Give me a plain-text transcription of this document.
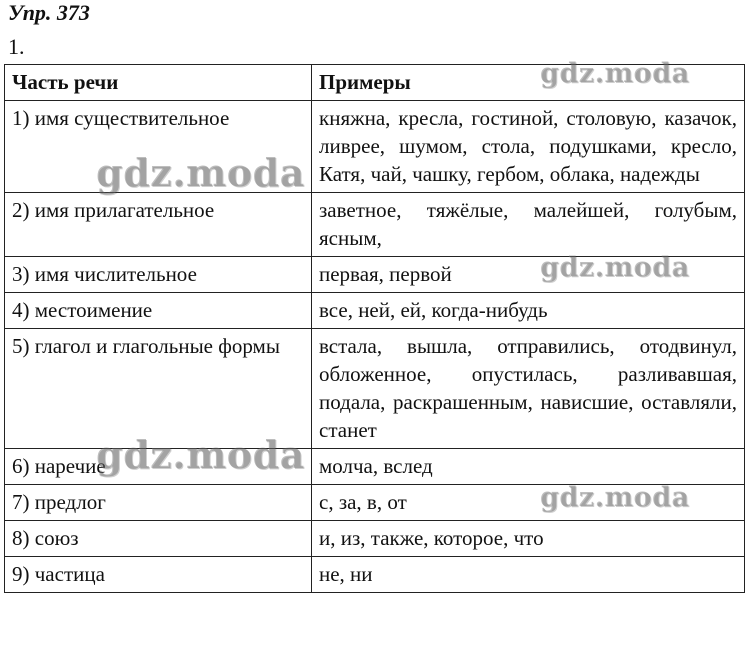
Упр. 373
1.
Часть речи	Примеры
1) имя существительное	княжна, кресла, гостиной, столовую, казачок, ливрее, шумом, стола, подушками, кресло, Катя, чай, чашку, гербом, облака, надежды
2) имя прилагательное	заветное, тяжёлые, малейшей, голубым, ясным,
3) имя числительное	первая, первой
4) местоимение	все, ней, ей, когда-нибудь
5) глагол и глагольные формы	встала, вышла, отправились, отодвинул, обложенное, опустилась, разливавшая, подала, раскрашенным, нависшие, оставляли, станет
6) наречие	молча, вслед
7) предлог	с, за, в, от
8) союз	и, из, также, которое, что
9) частица	не, ни
gdz.moda
gdz.moda
gdz.moda
gdz.moda
gdz.moda
